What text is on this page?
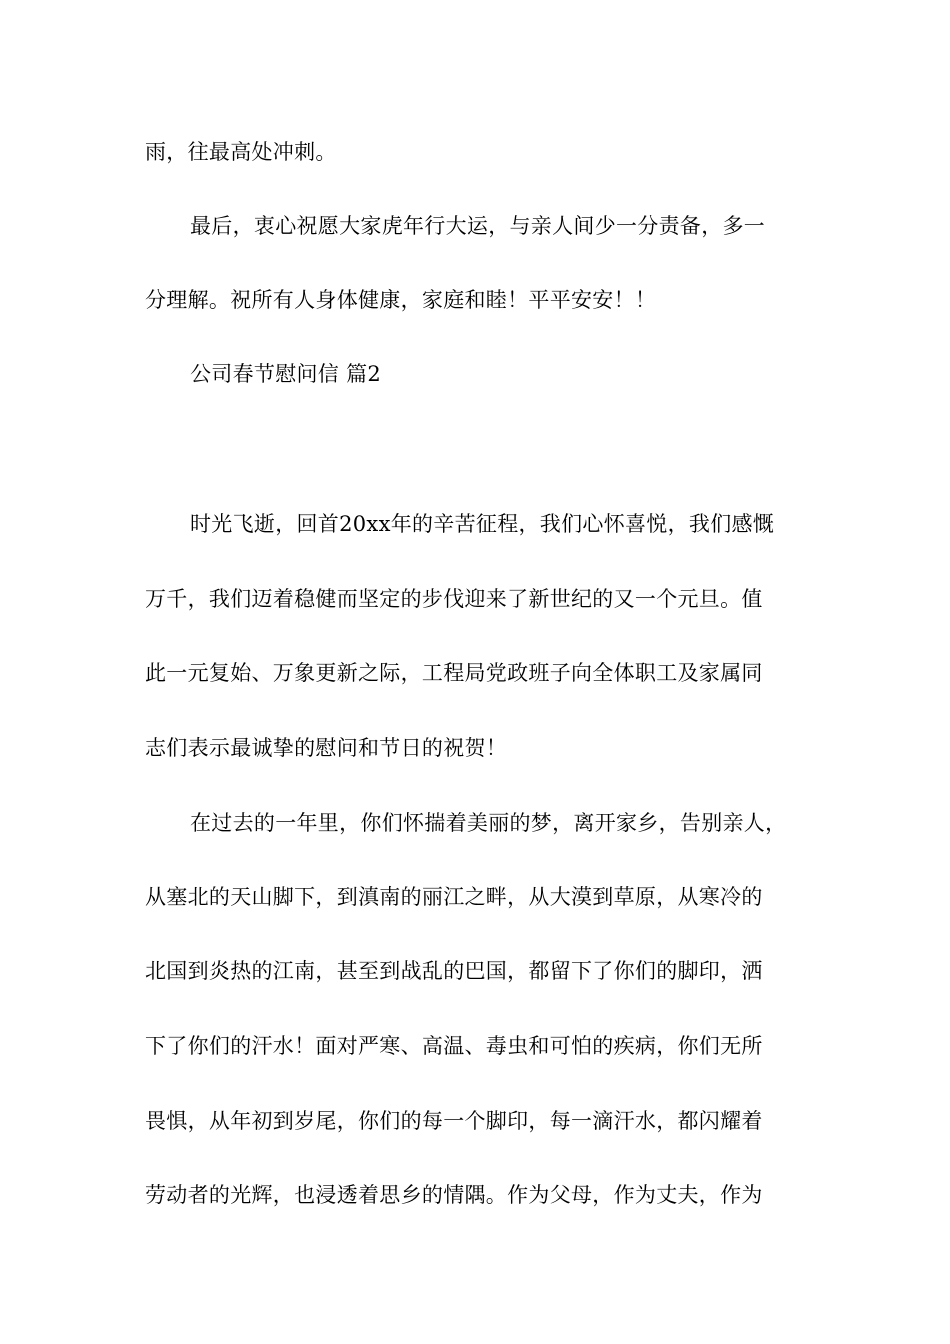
雨，往最高处冲刺。
最后，衷心祝愿大家虎年行大运，与亲人间少一分责备，多一
分理解。祝所有人身体健康，家庭和睦！平平安安！！
公司春节慰问信 篇2
时光飞逝，回首20xx年的辛苦征程，我们心怀喜悦，我们感慨
万千，我们迈着稳健而坚定的步伐迎来了新世纪的又一个元旦。值
此一元复始、万象更新之际，工程局党政班子向全体职工及家属同
志们表示最诚挚的慰问和节日的祝贺！
在过去的一年里，你们怀揣着美丽的梦，离开家乡，告别亲人，
从塞北的天山脚下，到滇南的丽江之畔，从大漠到草原，从寒冷的
北国到炎热的江南，甚至到战乱的巴国，都留下了你们的脚印，洒
下了你们的汗水！面对严寒、高温、毒虫和可怕的疾病，你们无所
畏惧，从年初到岁尾，你们的每一个脚印，每一滴汗水，都闪耀着
劳动者的光辉，也浸透着思乡的情隅。作为父母，作为丈夫，作为
